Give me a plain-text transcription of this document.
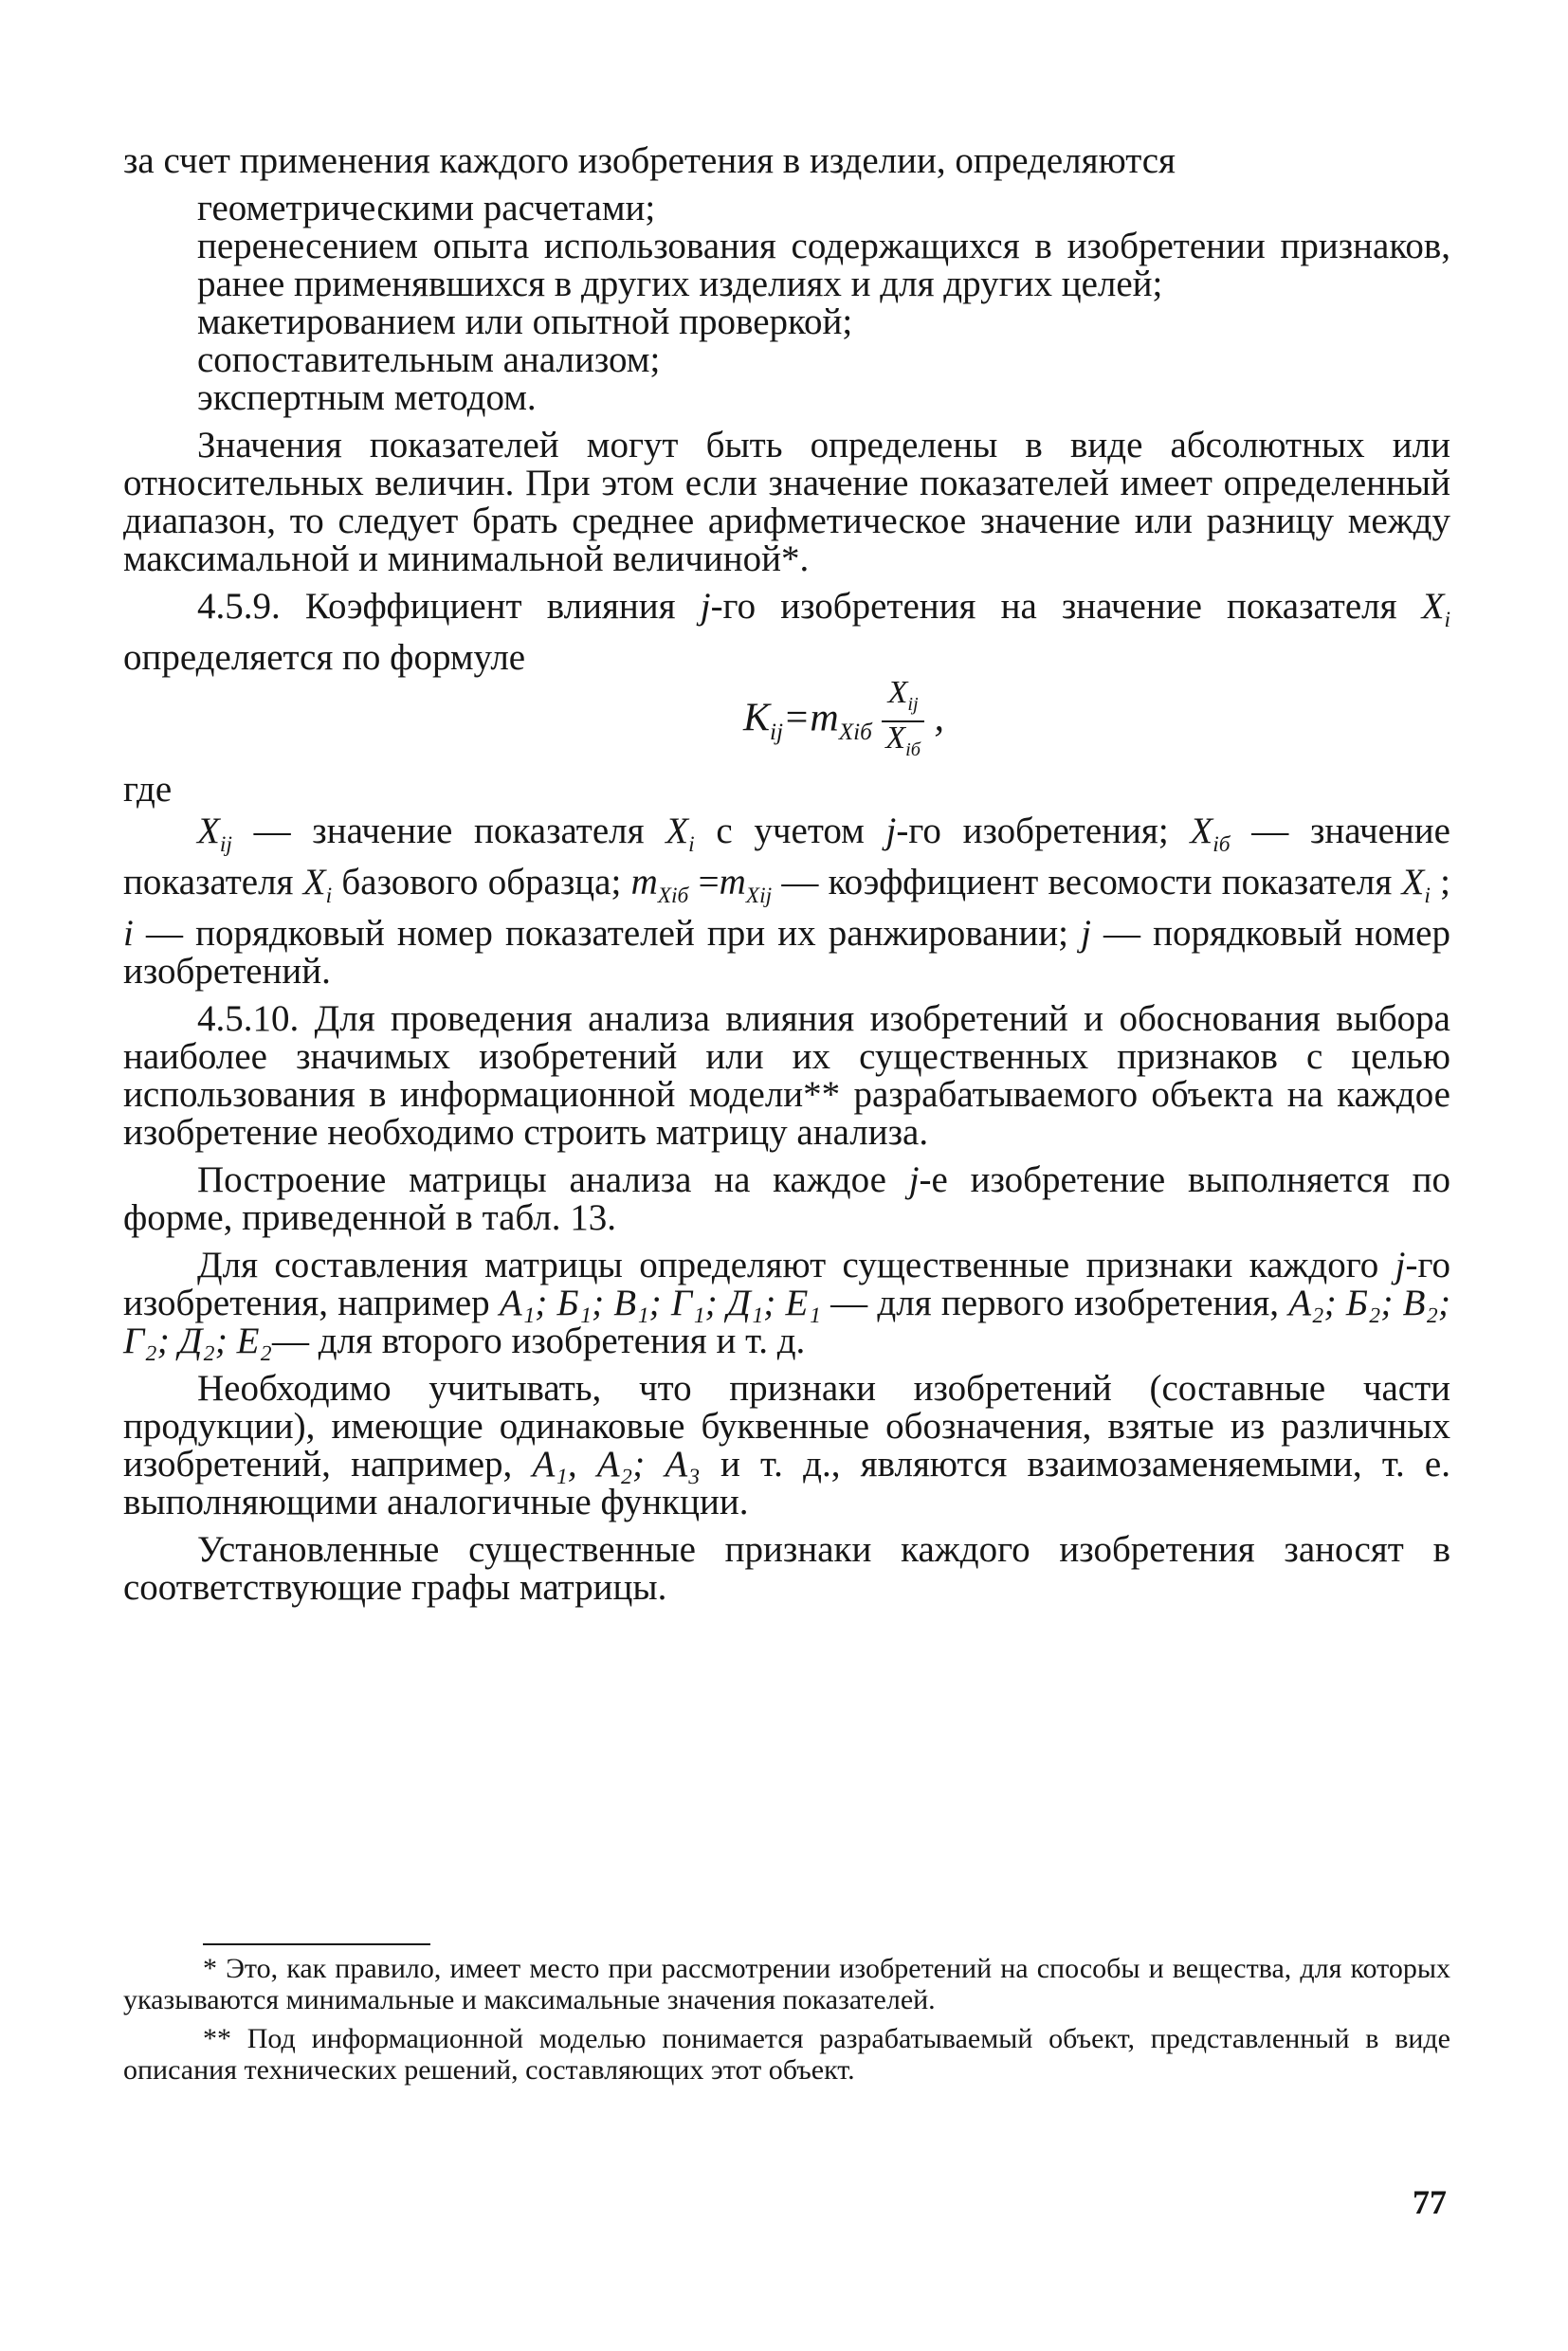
за счет применения каждого изобретения в изделии, определяются

геометрическими расчетами;

перенесением опыта использования содержащихся в изобретении признаков, ранее применявшихся в других изделиях и для других целей;

макетированием или опытной проверкой;

сопоставительным анализом;

экспертным методом.

Значения показателей могут быть определены в виде абсолютных или относительных величин. При этом если значение показателей имеет определенный диапазон, то следует брать среднее арифметическое значение или разницу между максимальной и минимальной величиной*.

4.5.9. Коэффициент влияния j-го изобретения на значение показателя $X_i$ определяется по формуле

$K_{ij}=m_{Xiб} \frac{X_{ij}}{X_{iб}}$ ,

где

$X_{ij}$ — значение показателя $X_i$ с учетом j-го изобретения; $X_{iб}$ — значение показателя $X_i$ базового образца; $m_{Xiб} =m_{Xij}$ — коэффициент весомости показателя $X_i$ ; i — порядковый номер показателей при их ранжировании; j — порядковый номер изобретений.

4.5.10. Для проведения анализа влияния изобретений и обоснования выбора наиболее значимых изобретений или их существенных признаков с целью использования в информационной модели** разрабатываемого объекта на каждое изобретение необходимо строить матрицу анализа.

Построение матрицы анализа на каждое j-е изобретение выполняется по форме, приведенной в табл. 13.

Для составления матрицы определяют существенные признаки каждого j-го изобретения, например А₁; Б₁; В₁; Г₁; Д₁; Е₁ — для первого изобретения, А₂; Б₂; В₂; Г₂; Д₂; Е₂— для второго изобретения и т. д.

Необходимо учитывать, что признаки изобретений (составные части продукции), имеющие одинаковые буквенные обозначения, взятые из различных изобретений, например, А₁, А₂; А₃ и т. д., являются взаимозаменяемыми, т. е. выполняющими аналогичные функции.

Установленные существенные признаки каждого изобретения заносят в соответствующие графы матрицы.

* Это, как правило, имеет место при рассмотрении изобретений на способы и вещества, для которых указываются минимальные и максимальные значения показателей.

** Под информационной моделью понимается разрабатываемый объект, представленный в виде описания технических решений, составляющих этот объект.

77
